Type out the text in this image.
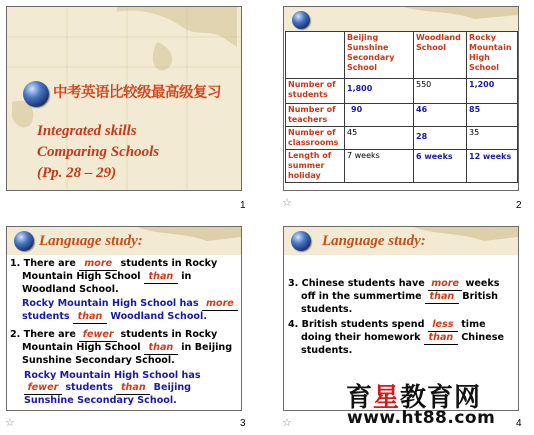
中考英语比较级最高级复习
Integrated skills
Comparing Schools
(Pp. 28 – 29)
1
	Beijing Sunshine Secondary School	Woodland School	Rocky Mountain High School
Number of students	1,800	550	1,200
Number of teachers	90	46	85
Number of classrooms	45	28	35
Length of summer holiday	7 weeks	6 weeks	12 weeks
☆	2
Language study:
1. There are more students in Rocky
Mountain High School than in
Woodland School.
Rocky Mountain High School has more
students than Woodland School.
2. There are fewer students in Rocky
Mountain High School than in Beijing
Sunshine Secondary School.
Rocky Mountain High School has
fewer students than Beijing
Sunshine Secondary School.
☆	3
Language study:
3. Chinese students have more weeks
off in the summertime than British
students.
4. British students spend less time
doing their homework than Chinese
students.
☆	4
育星教育网
www.ht88.com
